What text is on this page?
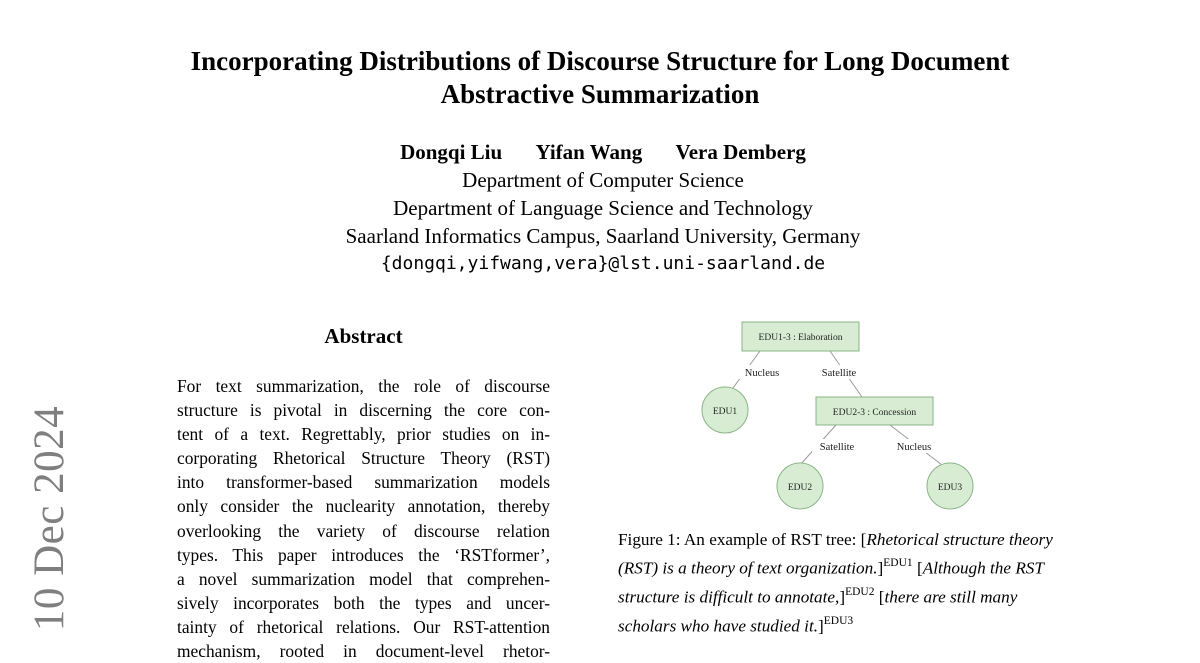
10 Dec 2024
Incorporating Distributions of Discourse Structure for Long Document
Abstractive Summarization
Dongqi Liu Yifan Wang Vera Demberg
Department of Computer Science
Department of Language Science and Technology
Saarland Informatics Campus, Saarland University, Germany
{dongqi,yifwang,vera}@lst.uni-saarland.de
Abstract
For text summarization, the role of discourse
structure is pivotal in discerning the core con-
tent of a text. Regrettably, prior studies on in-
corporating Rhetorical Structure Theory (RST)
into transformer-based summarization models
only consider the nuclearity annotation, thereby
overlooking the variety of discourse relation
types. This paper introduces the ‘RSTformer’,
a novel summarization model that comprehen-
sively incorporates both the types and uncer-
tainty of rhetorical relations. Our RST-attention
mechanism, rooted in document-level rhetor-
Nucleus	Satellite
Satellite	Nucleus
EDU1-3 : Elaboration
EDU2-3 : Concession
EDU1
EDU2	EDU3

Figure 1: An example of RST tree: [Rhetorical structure theory (RST) is a theory of text organization.]$^{EDU1}$ [Although the RST structure is difficult to annotate,]$^{EDU2}$ [there are still many scholars who have studied it.]$^{EDU3}$
